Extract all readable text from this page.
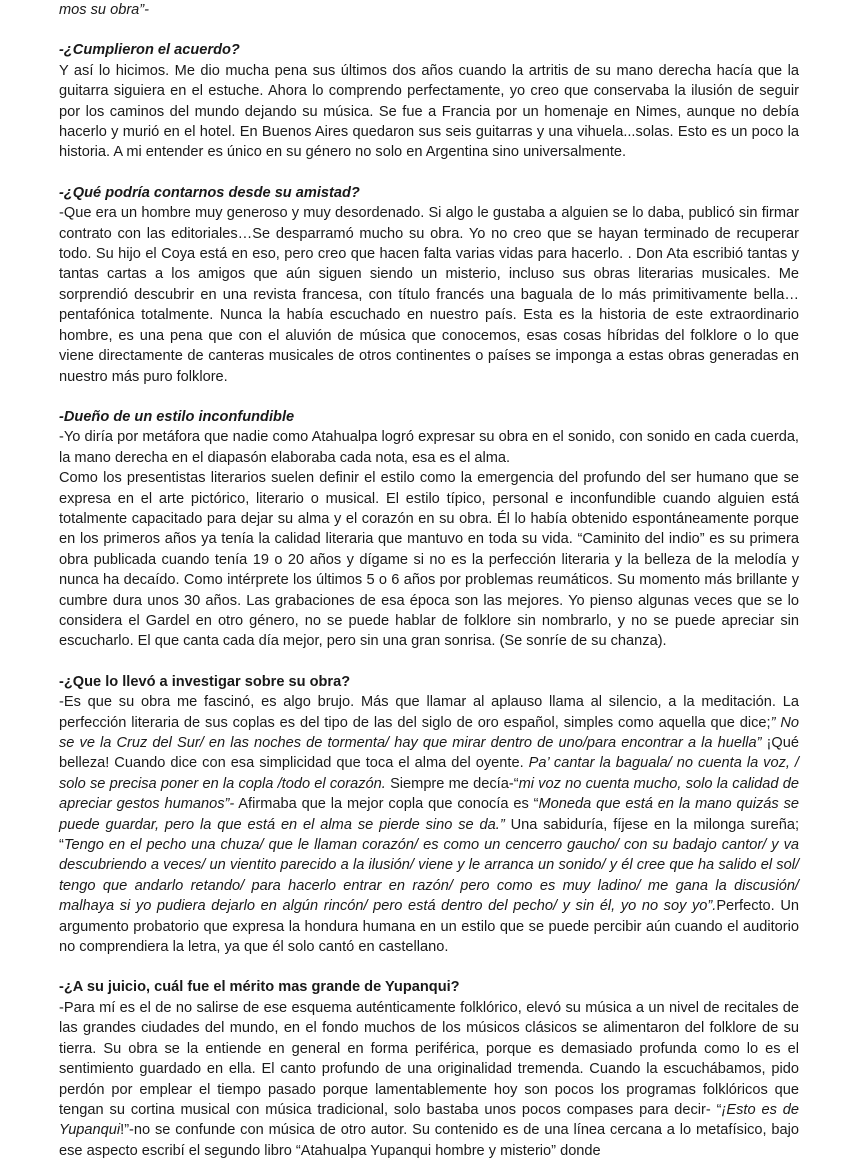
mos su obra”-

-¿Cumplieron el acuerdo?

Y así lo hicimos. Me dio mucha pena sus últimos dos años cuando la artritis de su mano derecha hacía que la guitarra siguiera en el estuche. Ahora lo comprendo perfectamente, yo creo que conservaba la ilusión de seguir por los caminos del mundo dejando su música. Se fue a Francia por un homenaje en Nimes, aunque no debía hacerlo y murió en el hotel. En Buenos Aires quedaron sus seis guitarras y una vihuela...solas. Esto es un poco la historia. A mi entender es único en su género no solo en Argentina sino universalmente.

-¿Qué podría contarnos desde su amistad?

-Que era un hombre muy generoso y muy desordenado. Si algo le gustaba a alguien se lo daba, publicó sin firmar contrato con las editoriales…Se desparramó mucho su obra. Yo no creo que se hayan terminado de recuperar todo. Su hijo el Coya está en eso, pero creo que hacen falta varias vidas para hacerlo. . Don Ata escribió tantas y tantas cartas a los amigos que aún siguen siendo un misterio, incluso sus obras literarias musicales. Me sorprendió descubrir en una revista francesa, con título francés una baguala de lo más primitivamente bella…pentafónica totalmente. Nunca la había escuchado en nuestro país. Esta es la historia de este extraordinario hombre, es una pena que con el aluvión de música que conocemos, esas cosas híbridas del folklore o lo que viene directamente de canteras musicales de otros continentes o países se imponga a estas obras generadas en nuestro más puro folklore.

-Dueño de un estilo inconfundible

-Yo diría por metáfora que nadie como Atahualpa logró expresar su obra en el sonido, con sonido en cada cuerda, la mano derecha en el diapasón elaboraba cada nota, esa es el alma.

Como los presentistas literarios suelen definir el estilo como la emergencia del profundo del ser humano que se expresa en el arte pictórico, literario o musical. El estilo típico, personal e inconfundible cuando alguien está totalmente capacitado para dejar su alma y el corazón en su obra. Él lo había obtenido espontáneamente porque en los primeros años ya tenía la calidad literaria que mantuvo en toda su vida. “Caminito del indio” es su primera obra publicada cuando tenía 19 o 20 años y dígame si no es la perfección literaria y la belleza de la melodía y nunca ha decaído. Como intérprete los últimos 5 o 6 años por problemas reumáticos. Su momento más brillante y cumbre dura unos 30 años. Las grabaciones de esa época son las mejores. Yo pienso algunas veces que se lo considera el Gardel en otro género, no se puede hablar de folklore sin nombrarlo, y no se puede apreciar sin escucharlo. El que canta cada día mejor, pero sin una gran sonrisa. (Se sonríe de su chanza).

-¿Que lo llevó a investigar sobre su obra?

-Es que su obra me fascinó, es algo brujo. Más que llamar al aplauso llama al silencio, a la meditación. La perfección literaria de sus coplas es del tipo de las del siglo de oro español, simples como aquella que dice;” No se ve la Cruz del Sur/ en las noches de tormenta/ hay que mirar dentro de uno/para encontrar a la huella” ¡Qué belleza! Cuando dice con esa simplicidad que toca el alma del oyente. Pa’ cantar la baguala/ no cuenta la voz, / solo se precisa poner en la copla /todo el corazón. Siempre me decía-“mi voz no cuenta mucho, solo la calidad de apreciar gestos humanos”- Afirmaba que la mejor copla que conocía es “Moneda que está en la mano quizás se puede guardar, pero la que está en el alma se pierde sino se da.” Una sabiduría, fíjese en la milonga sureña; “Tengo en el pecho una chuza/ que le llaman corazón/ es como un cencerro gaucho/ con su badajo cantor/ y va descubriendo a veces/ un vientito parecido a la ilusión/ viene y le arranca un sonido/ y él cree que ha salido el sol/ tengo que andarlo retando/ para hacerlo entrar en razón/ pero como es muy ladino/ me gana la discusión/ malhaya si yo pudiera dejarlo en algún rincón/ pero está dentro del pecho/ y sin él, yo no soy yo”.Perfecto. Un argumento probatorio que expresa la hondura humana en un estilo que se puede percibir aún cuando el auditorio no comprendiera la letra, ya que él solo cantó en castellano.

-¿A su juicio, cuál fue el mérito mas grande de Yupanqui?

-Para mí es el de no salirse de ese esquema auténticamente folklórico, elevó su música a un nivel de recitales de las grandes ciudades del mundo, en el fondo muchos de los músicos clásicos se alimentaron del folklore de su tierra. Su obra se la entiende en general en forma periférica, porque es demasiado profunda como lo es el sentimiento guardado en ella. El canto profundo de una originalidad tremenda. Cuando la escuchábamos, pido perdón por emplear el tiempo pasado porque lamentablemente hoy son pocos los programas folklóricos que tengan su cortina musical con música tradicional, solo bastaba unos pocos compases para decir- “¡Esto es de Yupanqui!”-no se confunde con música de otro autor. Su contenido es de una línea cercana a lo metafísico, bajo ese aspecto escribí el segundo libro “Atahualpa Yupanqui hombre y misterio” donde
